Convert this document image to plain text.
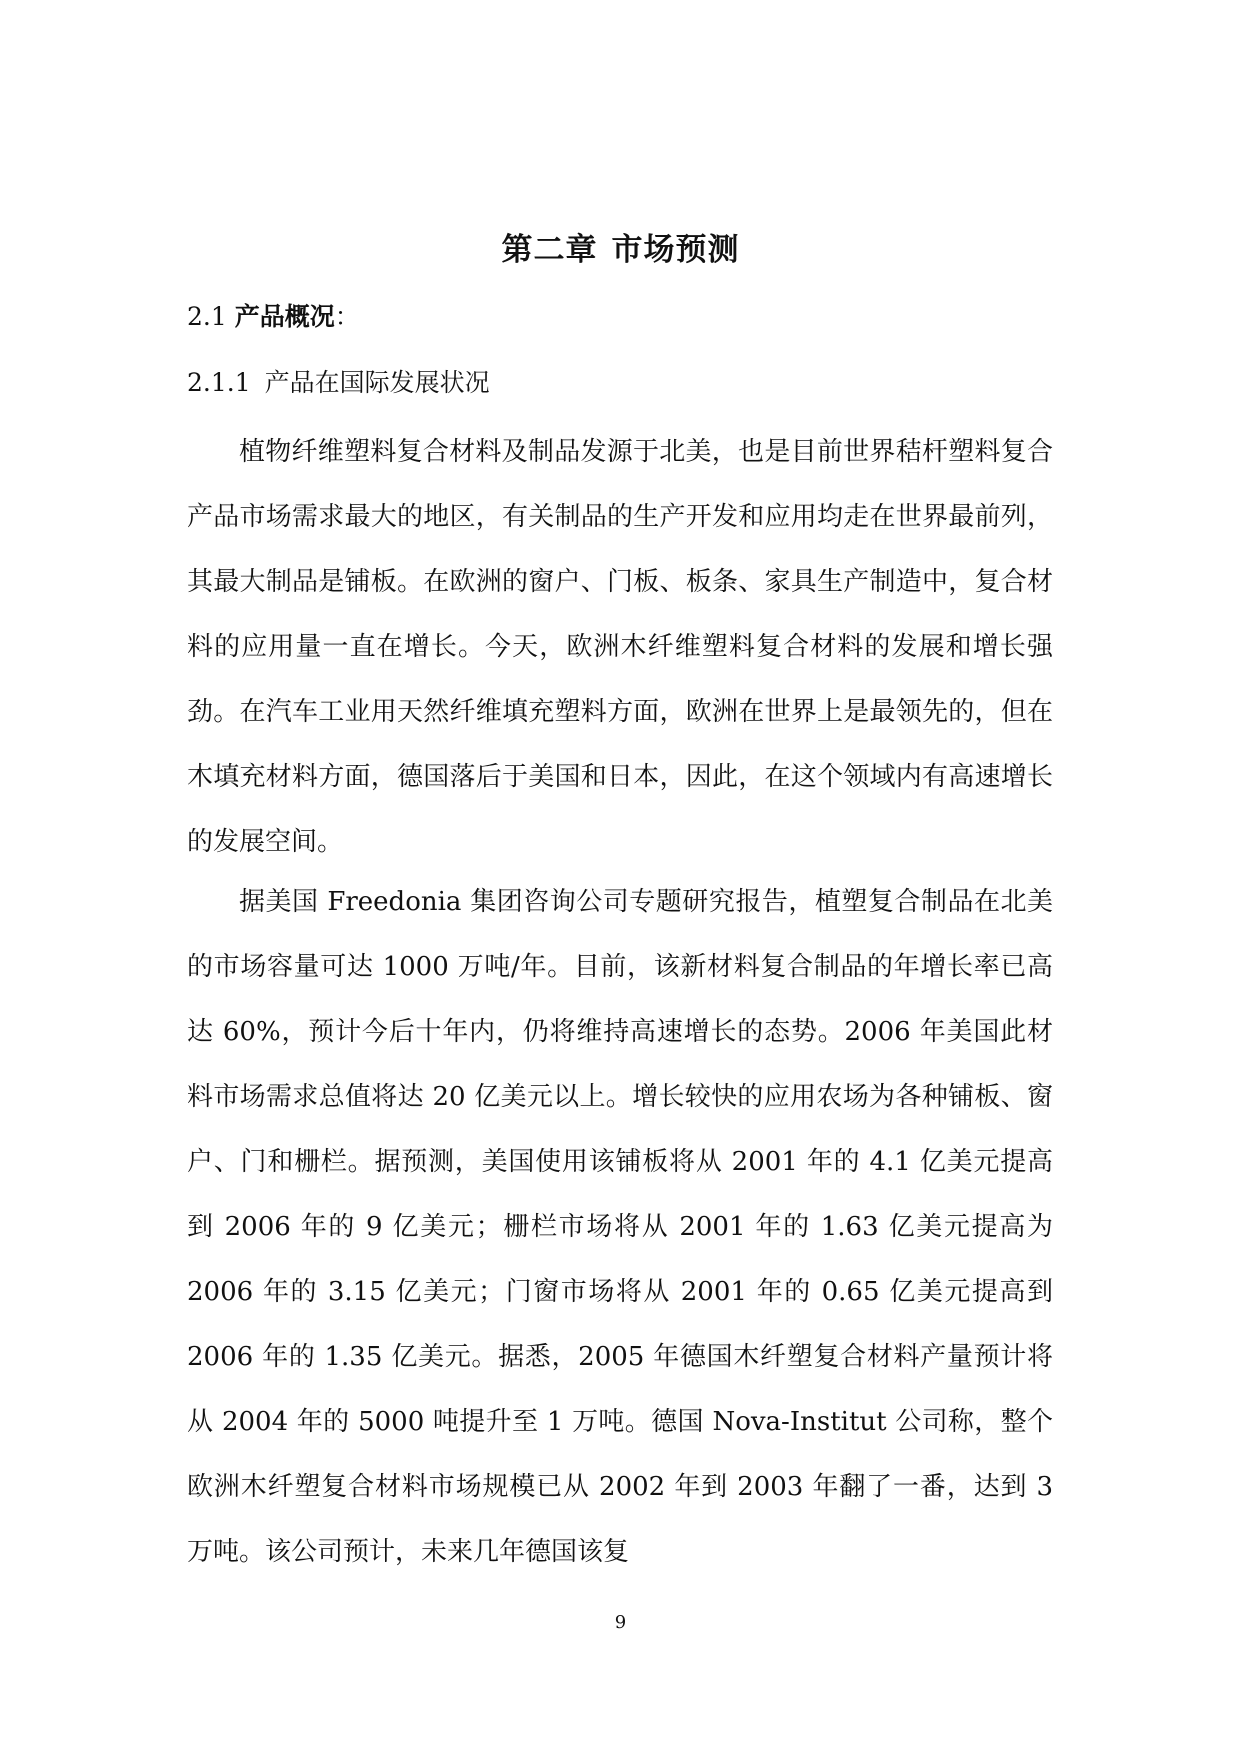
第二章 市场预测
2.1 产品概况：
2.1.1 产品在国际发展状况

植物纤维塑料复合材料及制品发源于北美，也是目前世界秸杆塑料复合产品市场需求最大的地区，有关制品的生产开发和应用均走在世界最前列，其最大制品是铺板。在欧洲的窗户、门板、板条、家具生产制造中，复合材料的应用量一直在增长。今天，欧洲木纤维塑料复合材料的发展和增长强劲。在汽车工业用天然纤维填充塑料方面，欧洲在世界上是最领先的，但在木填充材料方面，德国落后于美国和日本，因此，在这个领域内有高速增长的发展空间。

据美国 Freedonia 集团咨询公司专题研究报告，植塑复合制品在北美的市场容量可达 1000 万吨/年。目前，该新材料复合制品的年增长率已高达 60%，预计今后十年内，仍将维持高速增长的态势。2006 年美国此材料市场需求总值将达 20 亿美元以上。增长较快的应用农场为各种铺板、窗户、门和栅栏。据预测，美国使用该铺板将从 2001 年的 4.1 亿美元提高到 2006 年的 9 亿美元；栅栏市场将从 2001 年的 1.63 亿美元提高为 2006 年的 3.15 亿美元；门窗市场将从 2001 年的 0.65 亿美元提高到 2006 年的 1.35 亿美元。据悉，2005 年德国木纤塑复合材料产量预计将从 2004 年的 5000 吨提升至 1 万吨。德国 Nova-Institut 公司称，整个欧洲木纤塑复合材料市场规模已从 2002 年到 2003 年翻了一番，达到 3 万吨。该公司预计，未来几年德国该复

9
